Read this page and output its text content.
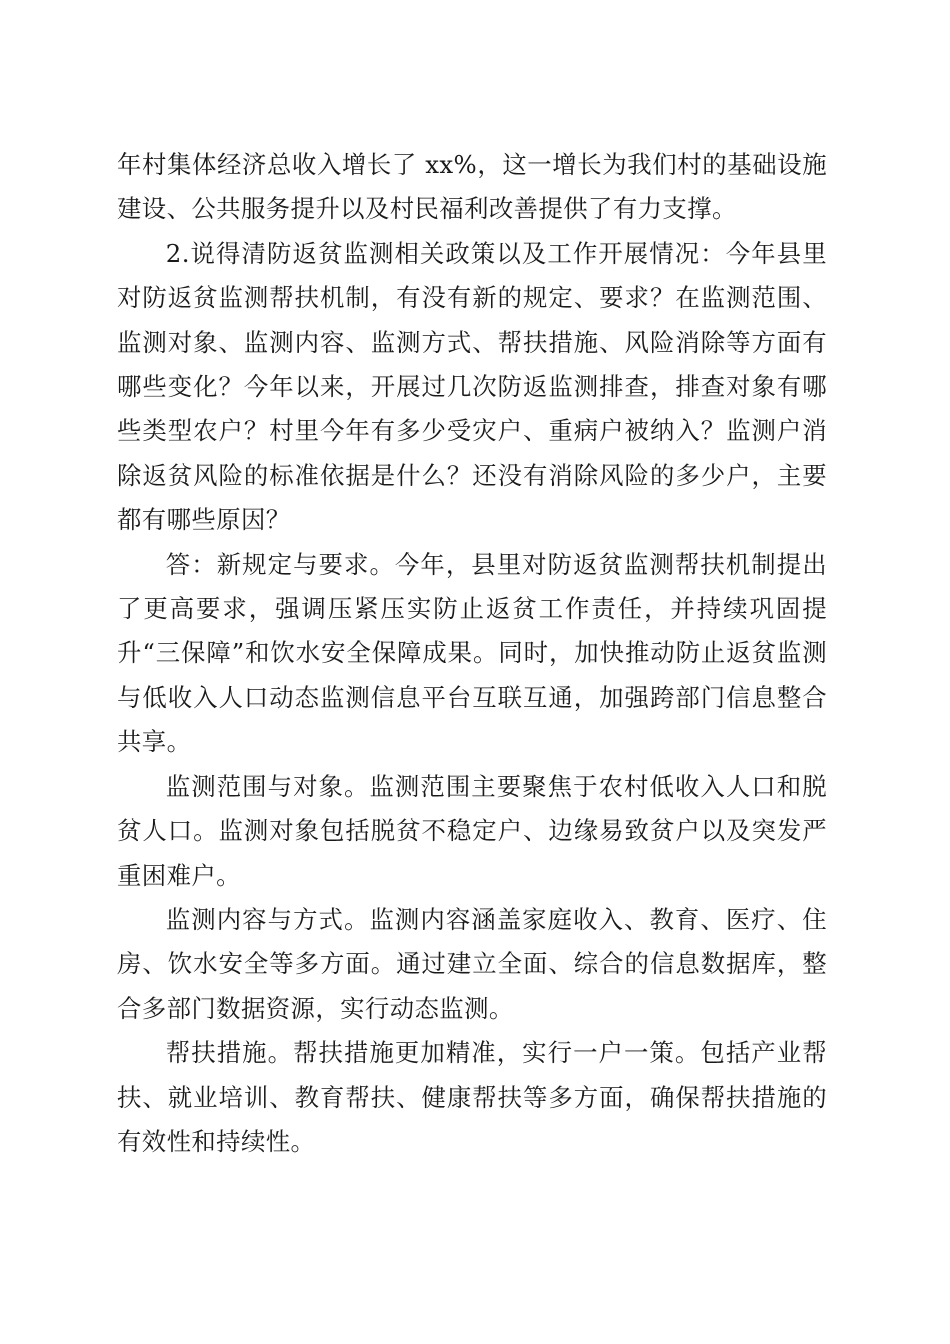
年村集体经济总收入增长了 xx%，这一增长为我们村的基础设施建设、公共服务提升以及村民福利改善提供了有力支撑。

2.说得清防返贫监测相关政策以及工作开展情况：今年县里对防返贫监测帮扶机制，有没有新的规定、要求？在监测范围、监测对象、监测内容、监测方式、帮扶措施、风险消除等方面有哪些变化？今年以来，开展过几次防返监测排查，排查对象有哪些类型农户？村里今年有多少受灾户、重病户被纳入？监测户消除返贫风险的标准依据是什么？还没有消除风险的多少户，主要都有哪些原因？

答：新规定与要求。今年，县里对防返贫监测帮扶机制提出了更高要求，强调压紧压实防止返贫工作责任，并持续巩固提升“三保障”和饮水安全保障成果。同时，加快推动防止返贫监测与低收入人口动态监测信息平台互联互通，加强跨部门信息整合共享。

监测范围与对象。监测范围主要聚焦于农村低收入人口和脱贫人口。监测对象包括脱贫不稳定户、边缘易致贫户以及突发严重困难户。

监测内容与方式。监测内容涵盖家庭收入、教育、医疗、住房、饮水安全等多方面。通过建立全面、综合的信息数据库，整合多部门数据资源，实行动态监测。

帮扶措施。帮扶措施更加精准，实行一户一策。包括产业帮扶、就业培训、教育帮扶、健康帮扶等多方面，确保帮扶措施的有效性和持续性。
